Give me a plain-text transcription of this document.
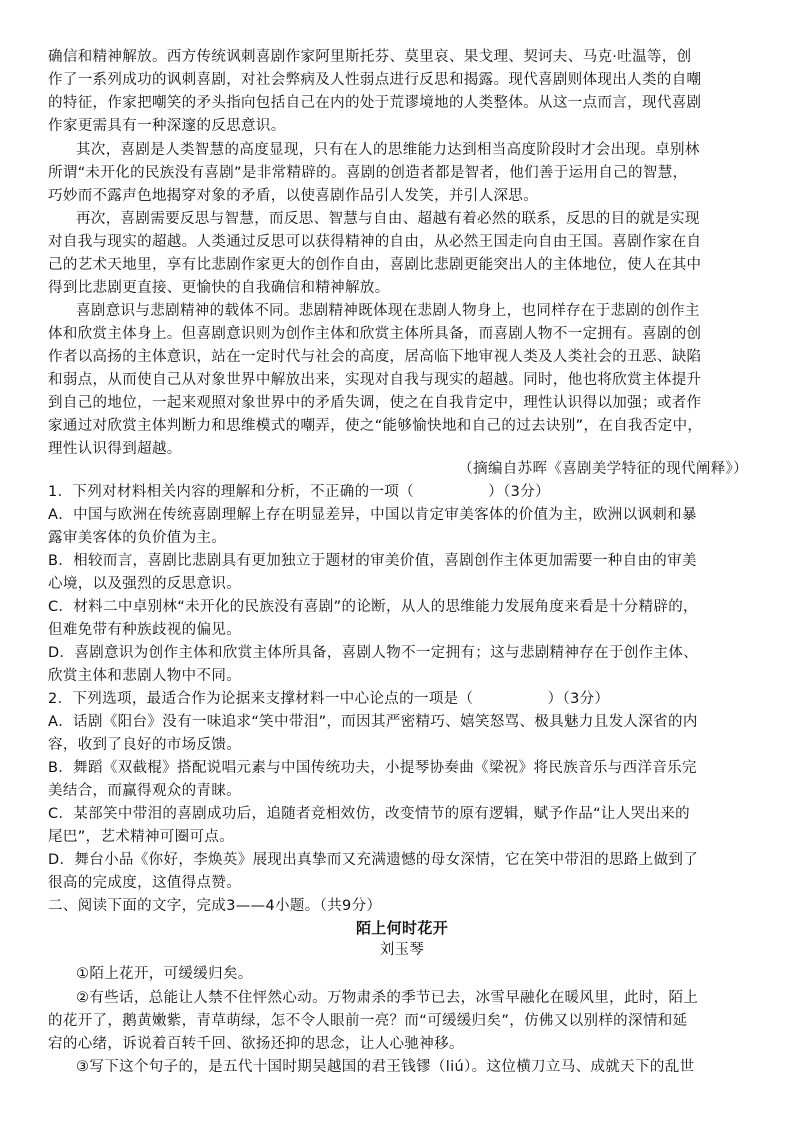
确信和精神解放。西方传统讽刺喜剧作家阿里斯托芬、莫里哀、果戈理、契诃夫、马克·吐温等，创
作了一系列成功的讽刺喜剧，对社会弊病及人性弱点进行反思和揭露。现代喜剧则体现出人类的自嘲
的特征，作家把嘲笑的矛头指向包括自己在内的处于荒谬境地的人类整体。从这一点而言，现代喜剧
作家更需具有一种深邃的反思意识。
其次，喜剧是人类智慧的高度显现，只有在人的思维能力达到相当高度阶段时才会出现。卓别林
所谓“未开化的民族没有喜剧”是非常精辟的。喜剧的创造者都是智者，他们善于运用自己的智慧，
巧妙而不露声色地揭穿对象的矛盾，以使喜剧作品引人发笑，并引人深思。
再次，喜剧需要反思与智慧，而反思、智慧与自由、超越有着必然的联系，反思的目的就是实现
对自我与现实的超越。人类通过反思可以获得精神的自由，从必然王国走向自由王国。喜剧作家在自
己的艺术天地里，享有比悲剧作家更大的创作自由，喜剧比悲剧更能突出人的主体地位，使人在其中
得到比悲剧更直接、更愉快的自我确信和精神解放。
喜剧意识与悲剧精神的载体不同。悲剧精神既体现在悲剧人物身上，也同样存在于悲剧的创作主
体和欣赏主体身上。但喜剧意识则为创作主体和欣赏主体所具备，而喜剧人物不一定拥有。喜剧的创
作者以高扬的主体意识，站在一定时代与社会的高度，居高临下地审视人类及人类社会的丑恶、缺陷
和弱点，从而使自己从对象世界中解放出来，实现对自我与现实的超越。同时，他也将欣赏主体提升
到自己的地位，一起来观照对象世界中的矛盾失调，使之在自我肯定中，理性认识得以加强；或者作
家通过对欣赏主体判断力和思维模式的嘲弄，使之“能够愉快地和自己的过去诀别”，在自我否定中，
理性认识得到超越。
（摘编自苏晖《喜剧美学特征的现代阐释》）
1．下列对材料相关内容的理解和分析，不正确的一项（　　　　　）（3分）
A．中国与欧洲在传统喜剧理解上存在明显差异，中国以肯定审美客体的价值为主，欧洲以讽刺和暴
露审美客体的负价值为主。
B．相较而言，喜剧比悲剧具有更加独立于题材的审美价值，喜剧创作主体更加需要一种自由的审美
心境，以及强烈的反思意识。
C．材料二中卓别林“未开化的民族没有喜剧”的论断，从人的思维能力发展角度来看是十分精辟的，
但难免带有种族歧视的偏见。
D．喜剧意识为创作主体和欣赏主体所具备，喜剧人物不一定拥有；这与悲剧精神存在于创作主体、
欣赏主体和悲剧人物中不同。
2．下列选项，最适合作为论据来支撑材料一中心论点的一项是（　　　　　）（3分）
A．话剧《阳台》没有一味追求“笑中带泪”，而因其严密精巧、嬉笑怒骂、极具魅力且发人深省的内
容，收到了良好的市场反馈。
B．舞蹈《双截棍》搭配说唱元素与中国传统功夫，小提琴协奏曲《梁祝》将民族音乐与西洋音乐完
美结合，而赢得观众的青睐。
C．某部笑中带泪的喜剧成功后，追随者竞相效仿，改变情节的原有逻辑，赋予作品“让人哭出来的
尾巴”，艺术精神可圈可点。
D．舞台小品《你好，李焕英》展现出真挚而又充满遗憾的母女深情，它在笑中带泪的思路上做到了
很高的完成度，这值得点赞。
二、阅读下面的文字，完成3——4小题。（共9分）
陌上何时花开
刘玉琴
①陌上花开，可缓缓归矣。
②有些话，总能让人禁不住怦然心动。万物肃杀的季节已去，冰雪早融化在暖风里，此时，陌上
的花开了，鹅黄嫩紫，青草萌绿，怎不令人眼前一亮？而“可缓缓归矣”，仿佛又以别样的深情和延
宕的心绪，诉说着百转千回、欲扬还抑的思念，让人心驰神移。
③写下这个句子的，是五代十国时期吴越国的君王钱镠（liú）。这位横刀立马、成就天下的乱世
